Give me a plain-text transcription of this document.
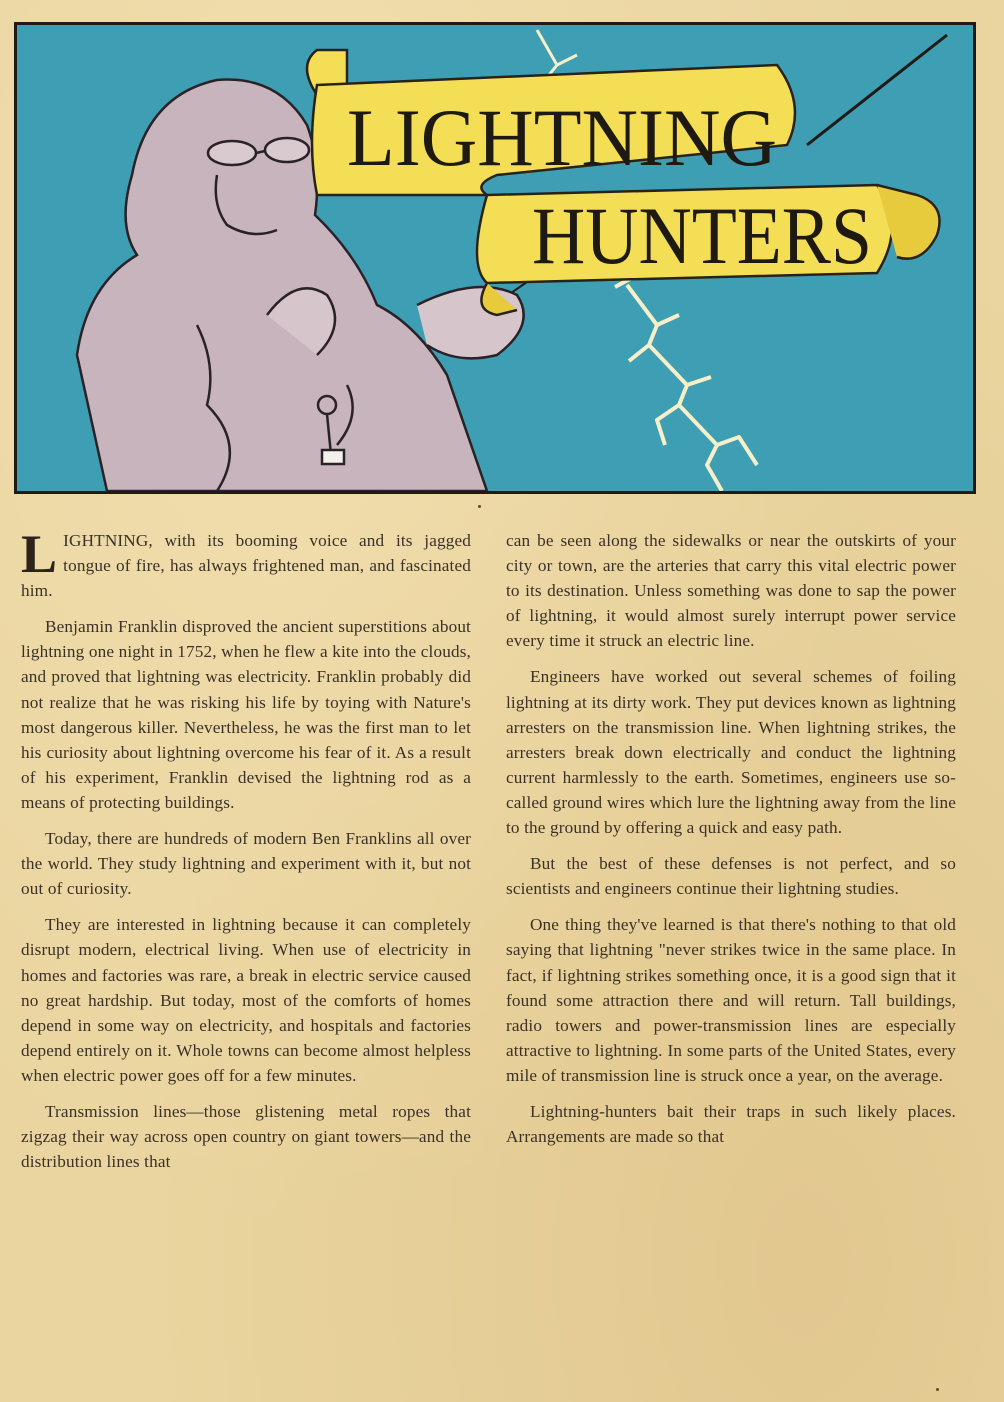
LIGHTNING
HUNTERS

LIGHTNING, with its booming voice and its jagged tongue of fire, has always frightened man, and fascinated him.

Benjamin Franklin disproved the ancient superstitions about lightning one night in 1752, when he flew a kite into the clouds, and proved that lightning was electricity. Franklin probably did not realize that he was risking his life by toying with Nature's most dangerous killer. Nevertheless, he was the first man to let his curiosity about lightning overcome his fear of it. As a result of his experiment, Franklin devised the lightning rod as a means of protecting buildings.

Today, there are hundreds of modern Ben Franklins all over the world. They study lightning and experiment with it, but not out of curiosity.

They are interested in lightning because it can completely disrupt modern, electrical living. When use of electricity in homes and factories was rare, a break in electric service caused no great hardship. But today, most of the comforts of homes depend in some way on electricity, and hospitals and factories depend entirely on it. Whole towns can become almost helpless when electric power goes off for a few minutes.

Transmission lines—those glistening metal ropes that zigzag their way across open country on giant towers—and the distribution lines that

can be seen along the sidewalks or near the outskirts of your city or town, are the arteries that carry this vital electric power to its destination. Unless something was done to sap the power of lightning, it would almost surely interrupt power service every time it struck an electric line.

Engineers have worked out several schemes of foiling lightning at its dirty work. They put devices known as lightning arresters on the transmission line. When lightning strikes, the arresters break down electrically and conduct the lightning current harmlessly to the earth. Sometimes, engineers use so-called ground wires which lure the lightning away from the line to the ground by offering a quick and easy path.

But the best of these defenses is not perfect, and so scientists and engineers continue their lightning studies.

One thing they've learned is that there's nothing to that old saying that lightning "never strikes twice in the same place. In fact, if lightning strikes something once, it is a good sign that it found some attraction there and will return. Tall buildings, radio towers and power-transmission lines are especially attractive to lightning. In some parts of the United States, every mile of transmission line is struck once a year, on the average.

Lightning-hunters bait their traps in such likely places. Arrangements are made so that
